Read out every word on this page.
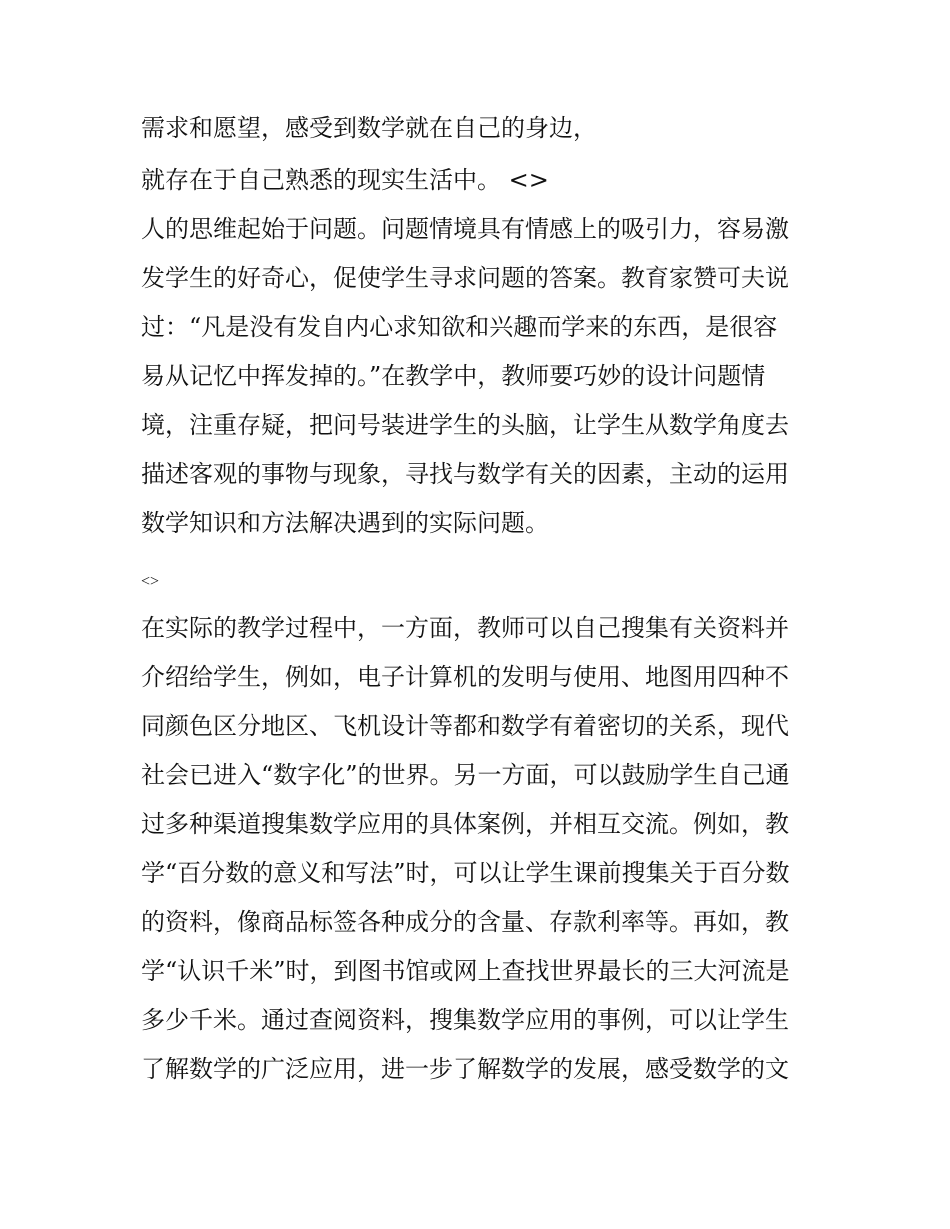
需求和愿望，感受到数学就在自己的身边，
就存在于自己熟悉的现实生活中。 <>
人的思维起始于问题。问题情境具有情感上的吸引力，容易激
发学生的好奇心，促使学生寻求问题的答案。教育家赞可夫说
过：“凡是没有发自内心求知欲和兴趣而学来的东西，是很容
易从记忆中挥发掉的。”在教学中，教师要巧妙的设计问题情
境，注重存疑，把问号装进学生的头脑，让学生从数学角度去
描述客观的事物与现象，寻找与数学有关的因素，主动的运用
数学知识和方法解决遇到的实际问题。
<>
在实际的教学过程中，一方面，教师可以自己搜集有关资料并
介绍给学生，例如，电子计算机的发明与使用、地图用四种不
同颜色区分地区、飞机设计等都和数学有着密切的关系，现代
社会已进入“数字化”的世界。另一方面，可以鼓励学生自己通
过多种渠道搜集数学应用的具体案例，并相互交流。例如，教
学“百分数的意义和写法”时，可以让学生课前搜集关于百分数
的资料，像商品标签各种成分的含量、存款利率等。再如，教
学“认识千米”时，到图书馆或网上查找世界最长的三大河流是
多少千米。通过查阅资料，搜集数学应用的事例，可以让学生
了解数学的广泛应用，进一步了解数学的发展，感受数学的文
